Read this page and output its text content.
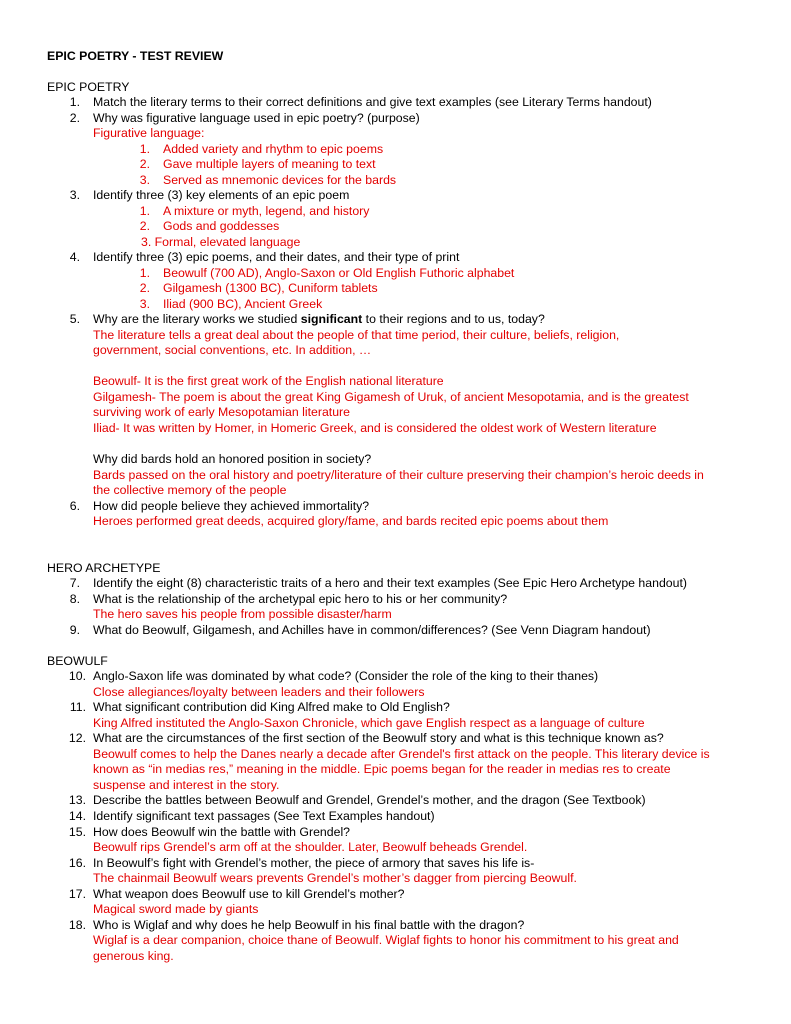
EPIC POETRY - TEST REVIEW
EPIC POETRY
1. Match the literary terms to their correct definitions and give text examples (see Literary Terms handout)
2. Why was figurative language used in epic poetry? (purpose)
Figurative language:
1. Added variety and rhythm to epic poems
2. Gave multiple layers of meaning to text
3. Served as mnemonic devices for the bards
3. Identify three (3) key elements of an epic poem
1. A mixture or myth, legend, and history
2. Gods and goddesses
3. Formal, elevated language
4. Identify three (3) epic poems, and their dates, and their type of print
1. Beowulf (700 AD), Anglo-Saxon or Old English Futhoric alphabet
2. Gilgamesh (1300 BC), Cuniform tablets
3. Iliad (900 BC), Ancient Greek
5. Why are the literary works we studied significant to their regions and to us, today?
The literature tells a great deal about the people of that time period, their culture, beliefs, religion,
government, social conventions, etc. In addition, …
Beowulf- It is the first great work of the English national literature
Gilgamesh- The poem is about the great King Gigamesh of Uruk, of ancient Mesopotamia, and is the greatest
surviving work of early Mesopotamian literature
Iliad- It was written by Homer, in Homeric Greek, and is considered the oldest work of Western literature
Why did bards hold an honored position in society?
Bards passed on the oral history and poetry/literature of their culture preserving their champion’s heroic deeds in
the collective memory of the people
6. How did people believe they achieved immortality?
Heroes performed great deeds, acquired glory/fame, and bards recited epic poems about them
HERO ARCHETYPE
7. Identify the eight (8) characteristic traits of a hero and their text examples (See Epic Hero Archetype handout)
8. What is the relationship of the archetypal epic hero to his or her community?
The hero saves his people from possible disaster/harm
9. What do Beowulf, Gilgamesh, and Achilles have in common/differences? (See Venn Diagram handout)
BEOWULF
10. Anglo-Saxon life was dominated by what code? (Consider the role of the king to their thanes)
Close allegiances/loyalty between leaders and their followers
11. What significant contribution did King Alfred make to Old English?
King Alfred instituted the Anglo-Saxon Chronicle, which gave English respect as a language of culture
12. What are the circumstances of the first section of the Beowulf story and what is this technique known as?
Beowulf comes to help the Danes nearly a decade after Grendel's first attack on the people. This literary device is
known as “in medias res,” meaning in the middle. Epic poems began for the reader in medias res to create
suspense and interest in the story.
13. Describe the battles between Beowulf and Grendel, Grendel’s mother, and the dragon (See Textbook)
14. Identify significant text passages (See Text Examples handout)
15. How does Beowulf win the battle with Grendel?
Beowulf rips Grendel’s arm off at the shoulder. Later, Beowulf beheads Grendel.
16. In Beowulf’s fight with Grendel’s mother, the piece of armory that saves his life is-
The chainmail Beowulf wears prevents Grendel’s mother’s dagger from piercing Beowulf.
17. What weapon does Beowulf use to kill Grendel’s mother?
Magical sword made by giants
18. Who is Wiglaf and why does he help Beowulf in his final battle with the dragon?
Wiglaf is a dear companion, choice thane of Beowulf. Wiglaf fights to honor his commitment to his great and
generous king.
